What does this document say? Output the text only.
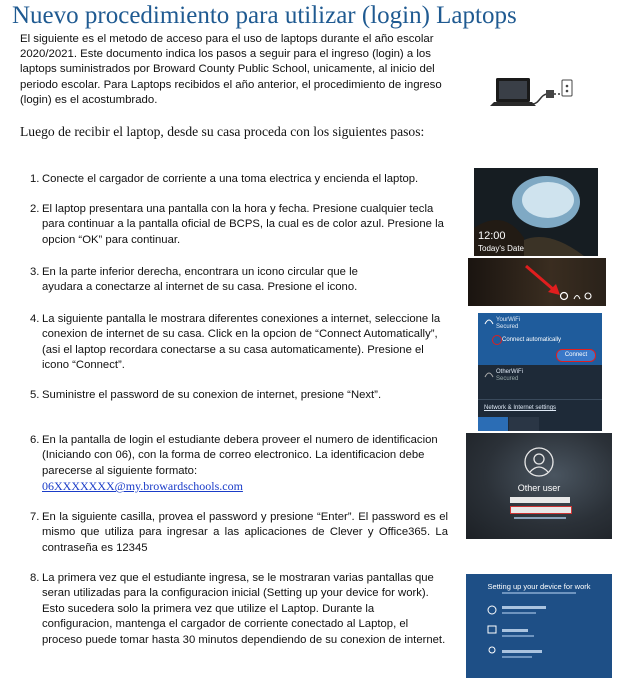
Nuevo procedimiento para utilizar (login) Laptops
El siguiente es el metodo de acceso para el uso de laptops durante el año escolar 2020/2021. Este documento indica los pasos a seguir para el ingreso (login) a los laptops suministrados por Broward County Public School, unicamente, al inicio del periodo escolar. Para Laptops recibidos el año anterior, el procedimiento de ingreso (login) es el acostumbrado.
Luego de recibir el laptop, desde su casa proceda con los siguientes pasos:
1. Conecte el cargador de corriente a una toma electrica y encienda el laptop.
2. El laptop presentara una pantalla con la hora y fecha. Presione cualquier tecla para continuar a la pantalla oficial de BCPS, la cual es de color azul. Presione la opcion “OK” para continuar.
3. En la parte inferior derecha, encontrara un icono circular que le ayudara a conectarze al internet de su casa. Presione el icono.
4. La siguiente pantalla le mostrara diferentes conexiones a internet, seleccione la conexion de internet de su casa. Click en la opcion de “Connect Automatically”, (asi el laptop recordara conectarse a su casa automaticamente). Presione el icono “Connect”.
5. Suministre el password de su conexion de internet, presione “Next”.
6. En la pantalla de login el estudiante debera proveer el numero de identificacion (Iniciando con 06), con la forma de correo electronico. La identificacion debe parecerse al siguiente formato:
06XXXXXXX@my.browardschools.com
7. En la siguiente casilla, provea el password y presione “Enter”. El password es el mismo que utiliza para ingresar a las aplicaciones de Clever y Office365. La contraseña es 12345
8. La primera vez que el estudiante ingresa, se le mostraran varias pantallas que seran utilizadas para la configuracion inicial (Setting up your device for work). Esto sucedera solo la primera vez que utilize el Laptop. Durante la configuracion, mantenga el cargador de corriente conectado al Laptop, el proceso puede tomar hasta 30 minutos dependiendo de su conexion de internet.
12:00
Today's Date
YourWiFi
Secured
Connect automatically
Connect
OtherWiFi
Secured
Network & Internet settings
Other user
Setting up your device for work
